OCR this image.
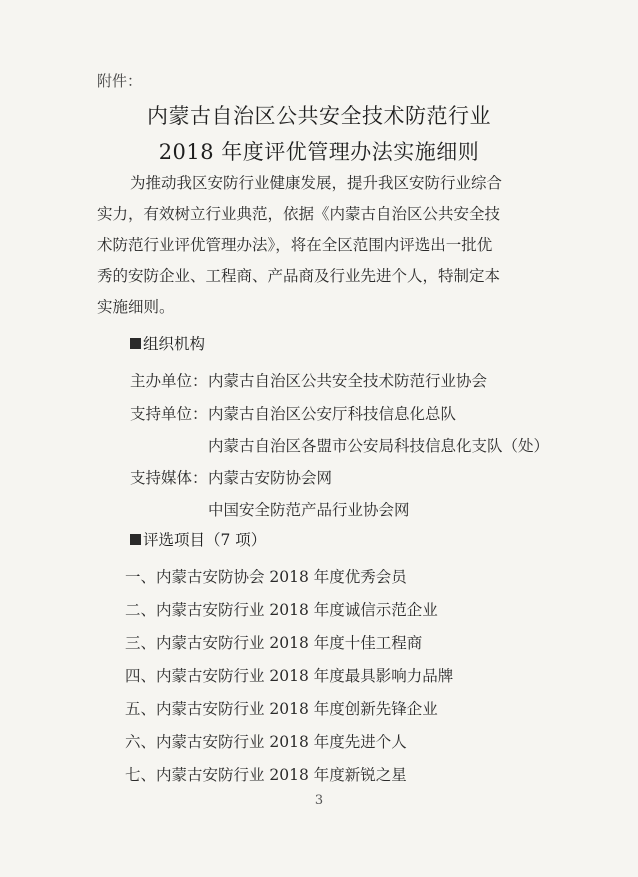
附件：
内蒙古自治区公共安全技术防范行业
2018 年度评优管理办法实施细则
为推动我区安防行业健康发展，提升我区安防行业综合
实力，有效树立行业典范，依据《内蒙古自治区公共安全技
术防范行业评优管理办法》，将在全区范围内评选出一批优
秀的安防企业、工程商、产品商及行业先进个人，特制定本
实施细则。
组织机构
主办单位： 内蒙古自治区公共安全技术防范行业协会
支持单位： 内蒙古自治区公安厅科技信息化总队
内蒙古自治区各盟市公安局科技信息化支队（处）
支持媒体： 内蒙古安防协会网
中国安全防范产品行业协会网
评选项目（7 项）
一、内蒙古安防协会 2018 年度优秀会员
二、内蒙古安防行业 2018 年度诚信示范企业
三、内蒙古安防行业 2018 年度十佳工程商
四、内蒙古安防行业 2018 年度最具影响力品牌
五、内蒙古安防行业 2018 年度创新先锋企业
六、内蒙古安防行业 2018 年度先进个人
七、内蒙古安防行业 2018 年度新锐之星
3
